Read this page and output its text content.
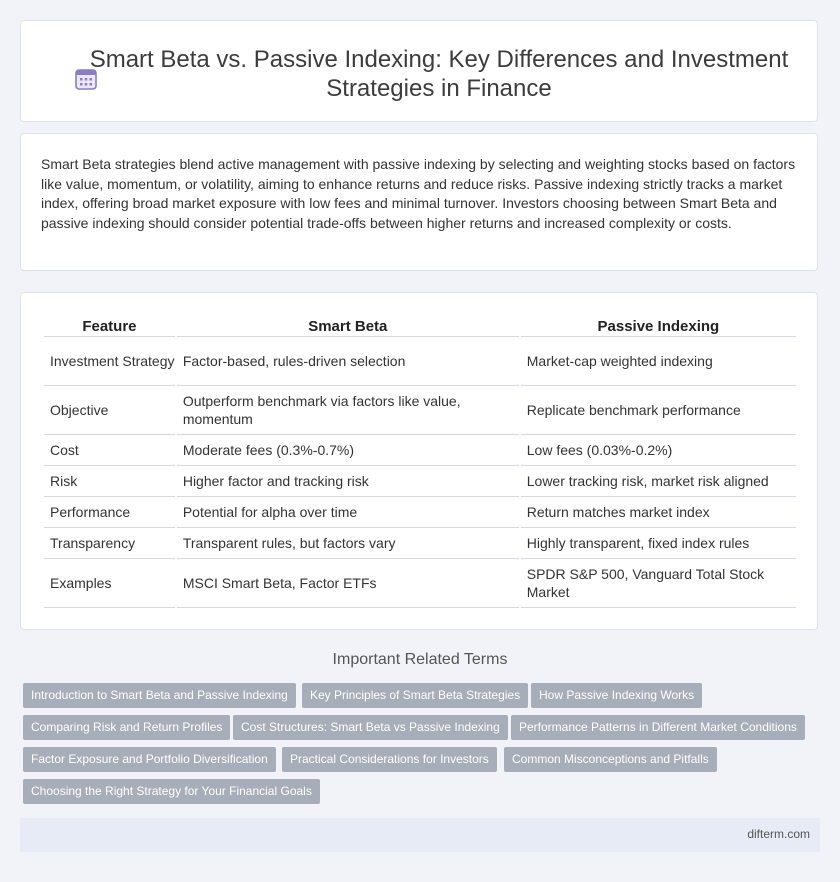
Smart Beta vs. Passive Indexing: Key Differences and Investment Strategies in Finance
Smart Beta strategies blend active management with passive indexing by selecting and weighting stocks based on factors like value, momentum, or volatility, aiming to enhance returns and reduce risks. Passive indexing strictly tracks a market index, offering broad market exposure with low fees and minimal turnover. Investors choosing between Smart Beta and passive indexing should consider potential trade-offs between higher returns and increased complexity or costs.
Feature	Smart Beta	Passive Indexing
Investment Strategy	Factor-based, rules-driven selection	Market-cap weighted indexing
Objective	Outperform benchmark via factors like value, momentum	Replicate benchmark performance
Cost	Moderate fees (0.3%-0.7%)	Low fees (0.03%-0.2%)
Risk	Higher factor and tracking risk	Lower tracking risk, market risk aligned
Performance	Potential for alpha over time	Return matches market index
Transparency	Transparent rules, but factors vary	Highly transparent, fixed index rules
Examples	MSCI Smart Beta, Factor ETFs	SPDR S&P 500, Vanguard Total Stock Market
Important Related Terms
Introduction to Smart Beta and Passive Indexing	Key Principles of Smart Beta Strategies	How Passive Indexing Works
Comparing Risk and Return Profiles	Cost Structures: Smart Beta vs Passive Indexing	Performance Patterns in Different Market Conditions
Factor Exposure and Portfolio Diversification	Practical Considerations for Investors	Common Misconceptions and Pitfalls
Choosing the Right Strategy for Your Financial Goals
difterm.com
